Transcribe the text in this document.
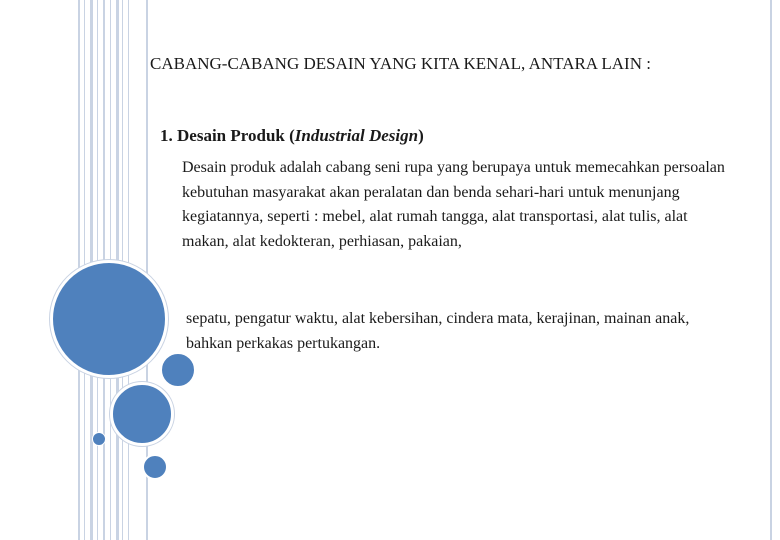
CABANG-CABANG DESAIN YANG KITA KENAL, ANTARA LAIN :

1. Desain Produk (Industrial Design)

Desain produk adalah cabang seni rupa yang berupaya untuk memecahkan persoalan kebutuhan masyarakat akan peralatan dan benda sehari-hari untuk menunjang kegiatannya, seperti : mebel, alat rumah tangga, alat transportasi, alat tulis, alat makan, alat kedokteran, perhiasan, pakaian,

sepatu, pengatur waktu, alat kebersihan, cindera mata, kerajinan, mainan anak, bahkan perkakas pertukangan.
